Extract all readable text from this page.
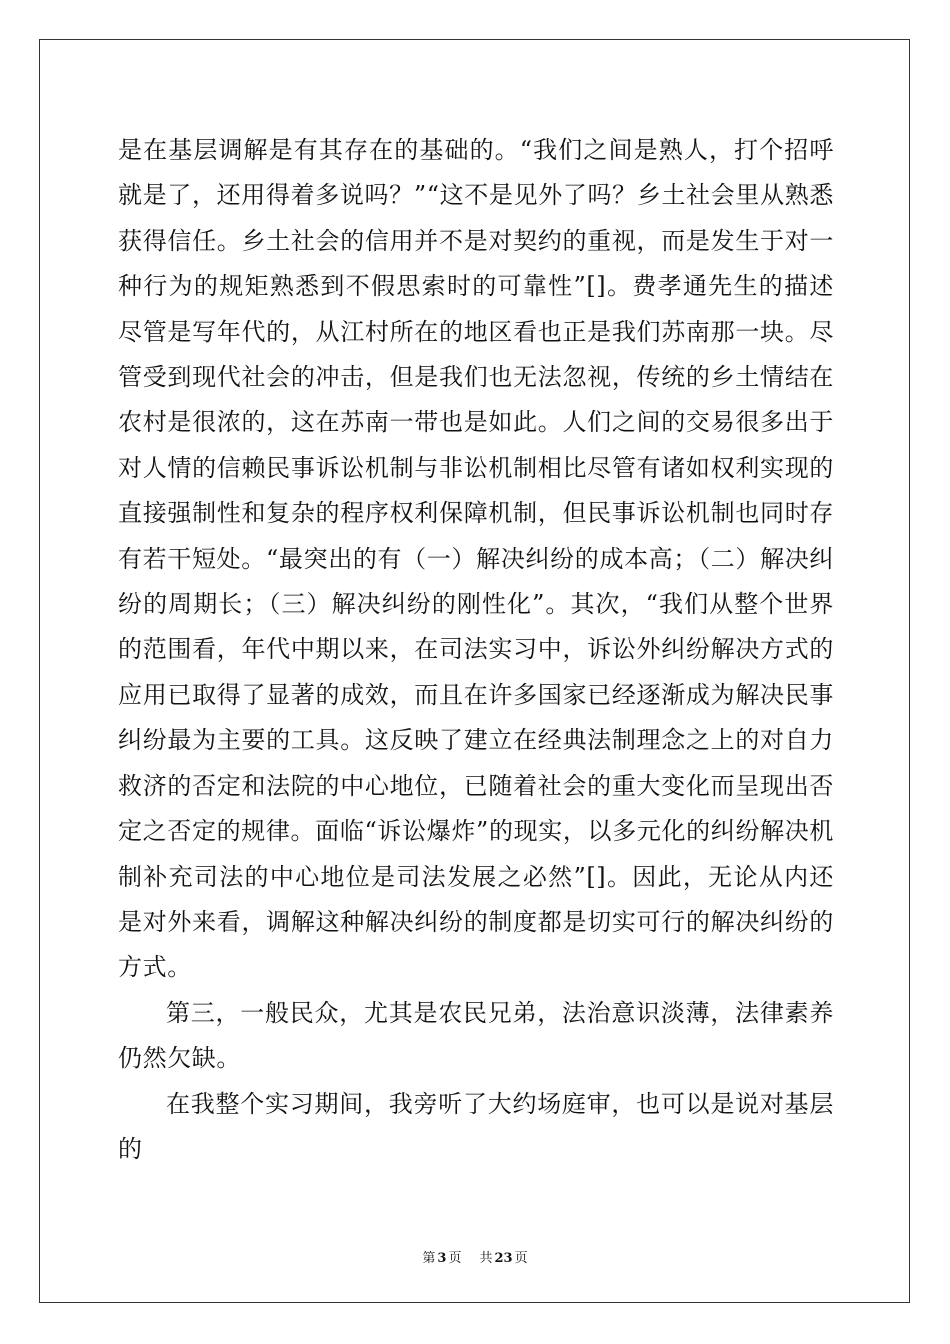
是在基层调解是有其存在的基础的。“我们之间是熟人，打个招呼就是了，还用得着多说吗？”“这不是见外了吗？乡土社会里从熟悉获得信任。乡土社会的信用并不是对契约的重视，而是发生于对一种行为的规矩熟悉到不假思索时的可靠性”[]。费孝通先生的描述尽管是写年代的，从江村所在的地区看也正是我们苏南那一块。尽管受到现代社会的冲击，但是我们也无法忽视，传统的乡土情结在农村是很浓的，这在苏南一带也是如此。人们之间的交易很多出于对人情的信赖民事诉讼机制与非讼机制相比尽管有诸如权利实现的直接强制性和复杂的程序权利保障机制，但民事诉讼机制也同时存有若干短处。“最突出的有（一）解决纠纷的成本高；（二）解决纠纷的周期长；（三）解决纠纷的刚性化”。其次，“我们从整个世界的范围看，年代中期以来，在司法实习中，诉讼外纠纷解决方式的应用已取得了显著的成效，而且在许多国家已经逐渐成为解决民事纠纷最为主要的工具。这反映了建立在经典法制理念之上的对自力救济的否定和法院的中心地位，已随着社会的重大变化而呈现出否定之否定的规律。面临“诉讼爆炸”的现实，以多元化的纠纷解决机制补充司法的中心地位是司法发展之必然”[]。因此，无论从内还是对外来看，调解这种解决纠纷的制度都是切实可行的解决纠纷的方式。

第三，一般民众，尤其是农民兄弟，法治意识淡薄，法律素养仍然欠缺。

在我整个实习期间，我旁听了大约场庭审，也可以是说对基层的

第 3 页 共 23 页
